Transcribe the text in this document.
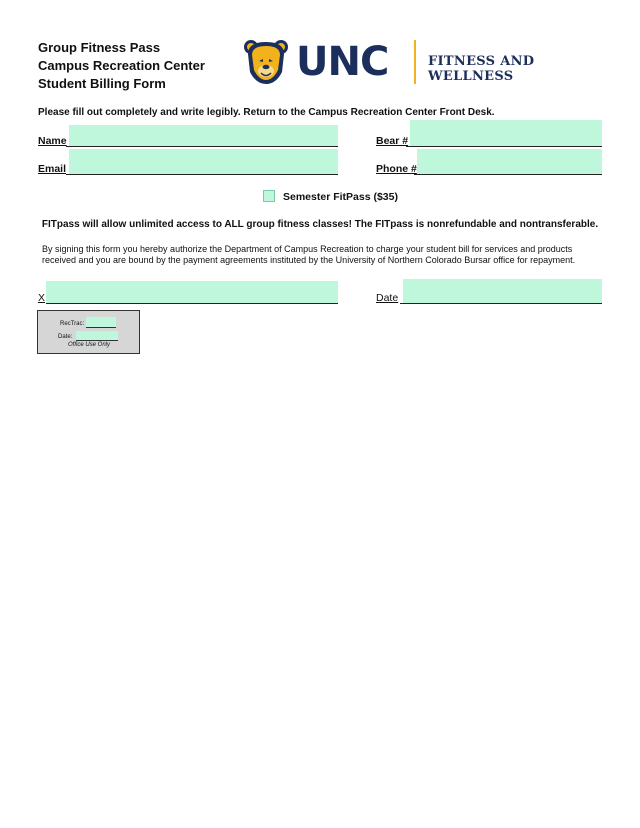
Group Fitness Pass
Campus Recreation Center
Student Billing Form	UNC	FITNESS AND WELLNESS
Please fill out completely and write legibly. Return to the Campus Recreation Center Front Desk.
Name	Bear #
Email	Phone #
Semester FitPass ($35)
FITpass will allow unlimited access to ALL group fitness classes! The FITpass is nonrefundable and nontransferable.
By signing this form you hereby authorize the Department of Campus Recreation to charge your student bill for services and products received and you are bound by the payment agreements instituted by the University of Northern Colorado Bursar office for repayment.
X	Date
RecTrac:
Date:
Office Use Only
